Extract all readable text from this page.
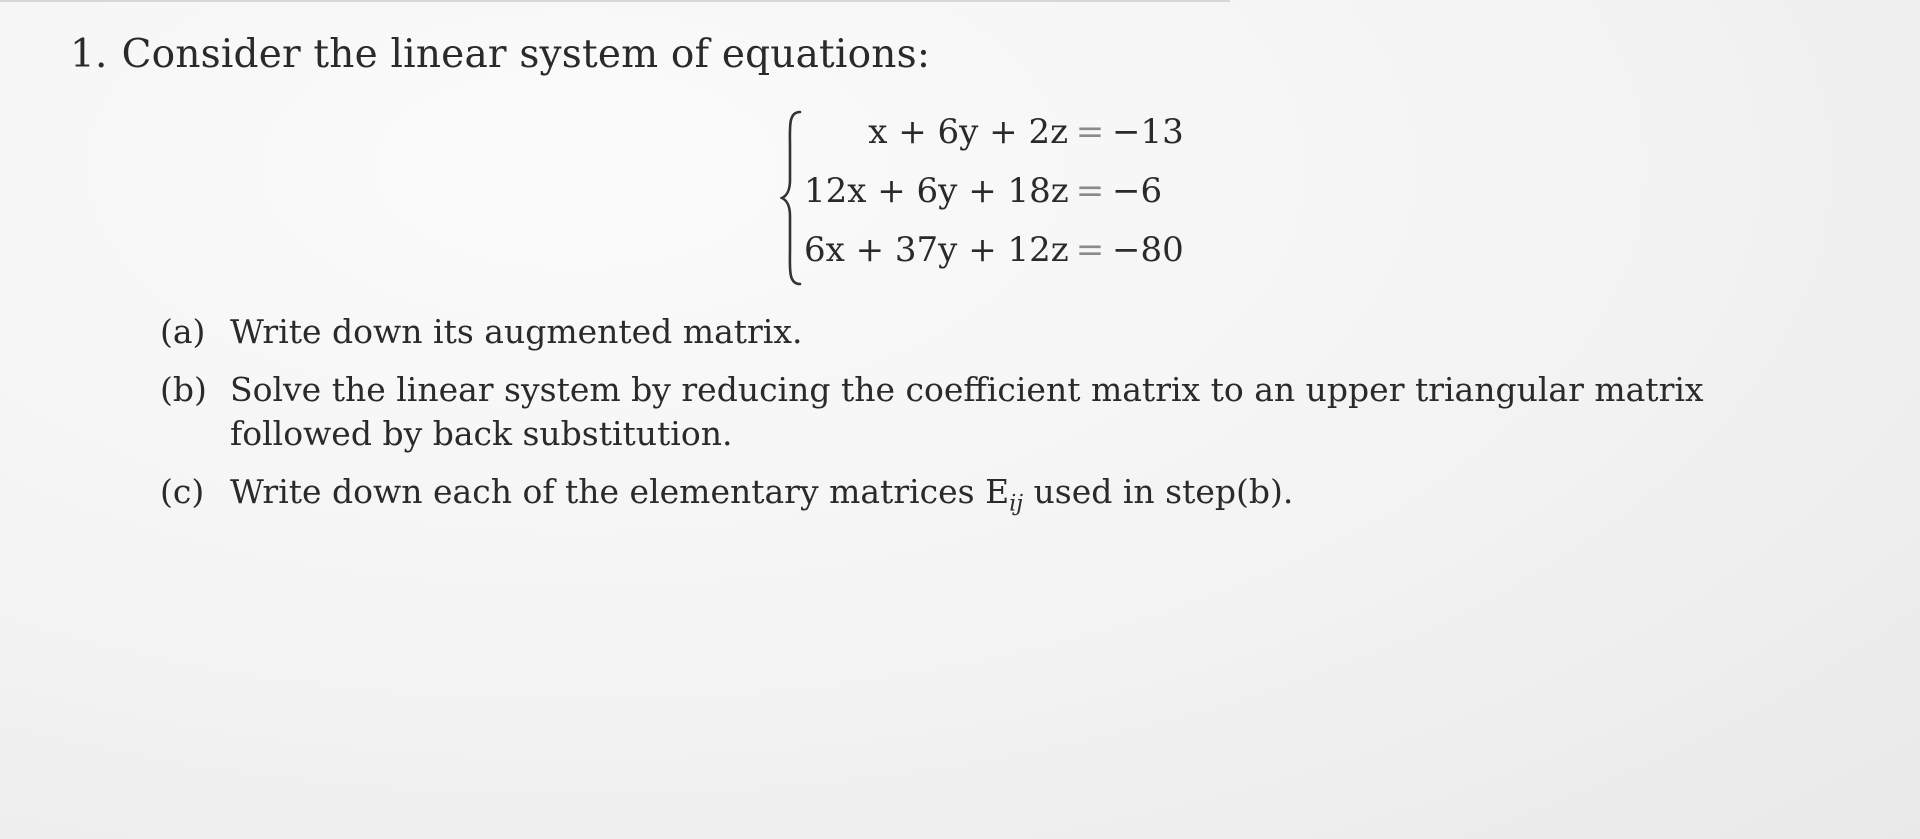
1. Consider the linear system of equations:
x + 6y + 2z = −13
12x + 6y + 18z = −6
6x + 37y + 12z = −80
(a) Write down its augmented matrix.
(b) Solve the linear system by reducing the coefficient matrix to an upper triangular matrix followed by back substitution.
(c) Write down each of the elementary matrices $E_{ij}$ used in step(b).
